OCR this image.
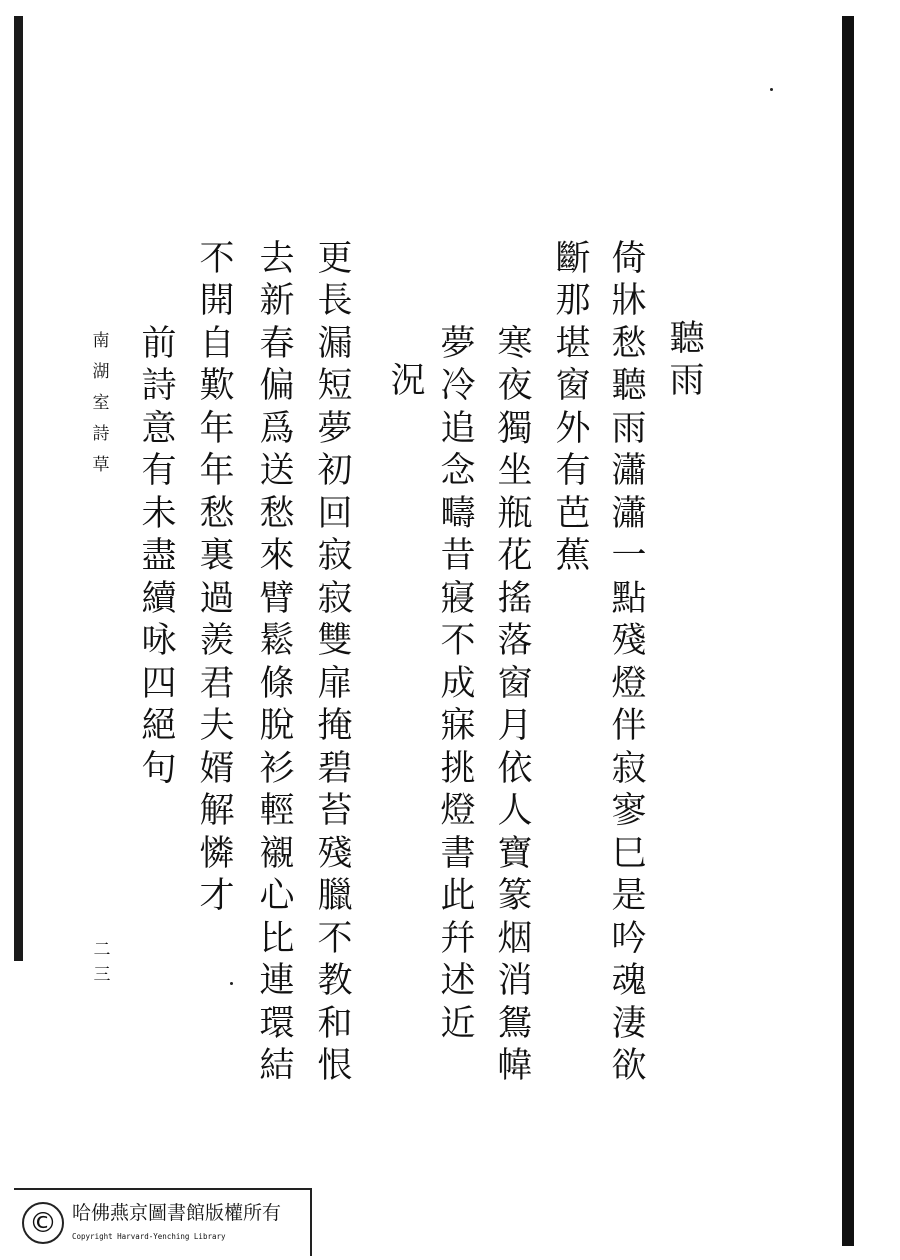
聽
雨
倚
牀
愁
聽
雨
瀟
瀟
一
點
殘
燈
伴
寂
寥
巳
是
吟
魂
淒
欲
斷
那
堪
窗
外
有
芭
蕉
寒
夜
獨
坐
瓶
花
搖
落
窗
月
依
人
寶
篆
烟
消
鴛
幃
夢
冷
追
念
疇
昔
寢
不
成
寐
挑
燈
書
此
幷
述
近
況
更
長
漏
短
夢
初
回
寂
寂
雙
扉
掩
碧
苔
殘
臘
不
教
和
恨
去
新
春
偏
爲
送
愁
來
臂
鬆
條
脫
衫
輕
襯
心
比
連
環
結
不
開
自
歎
年
年
愁
裏
過
羨
君
夫
婿
解
憐
才
前
詩
意
有
未
盡
續
咏
四
絕
句
南
湖
室
詩
草
二三
© 哈佛燕京圖書館版權所有
Copyright Harvard-Yenching Library
